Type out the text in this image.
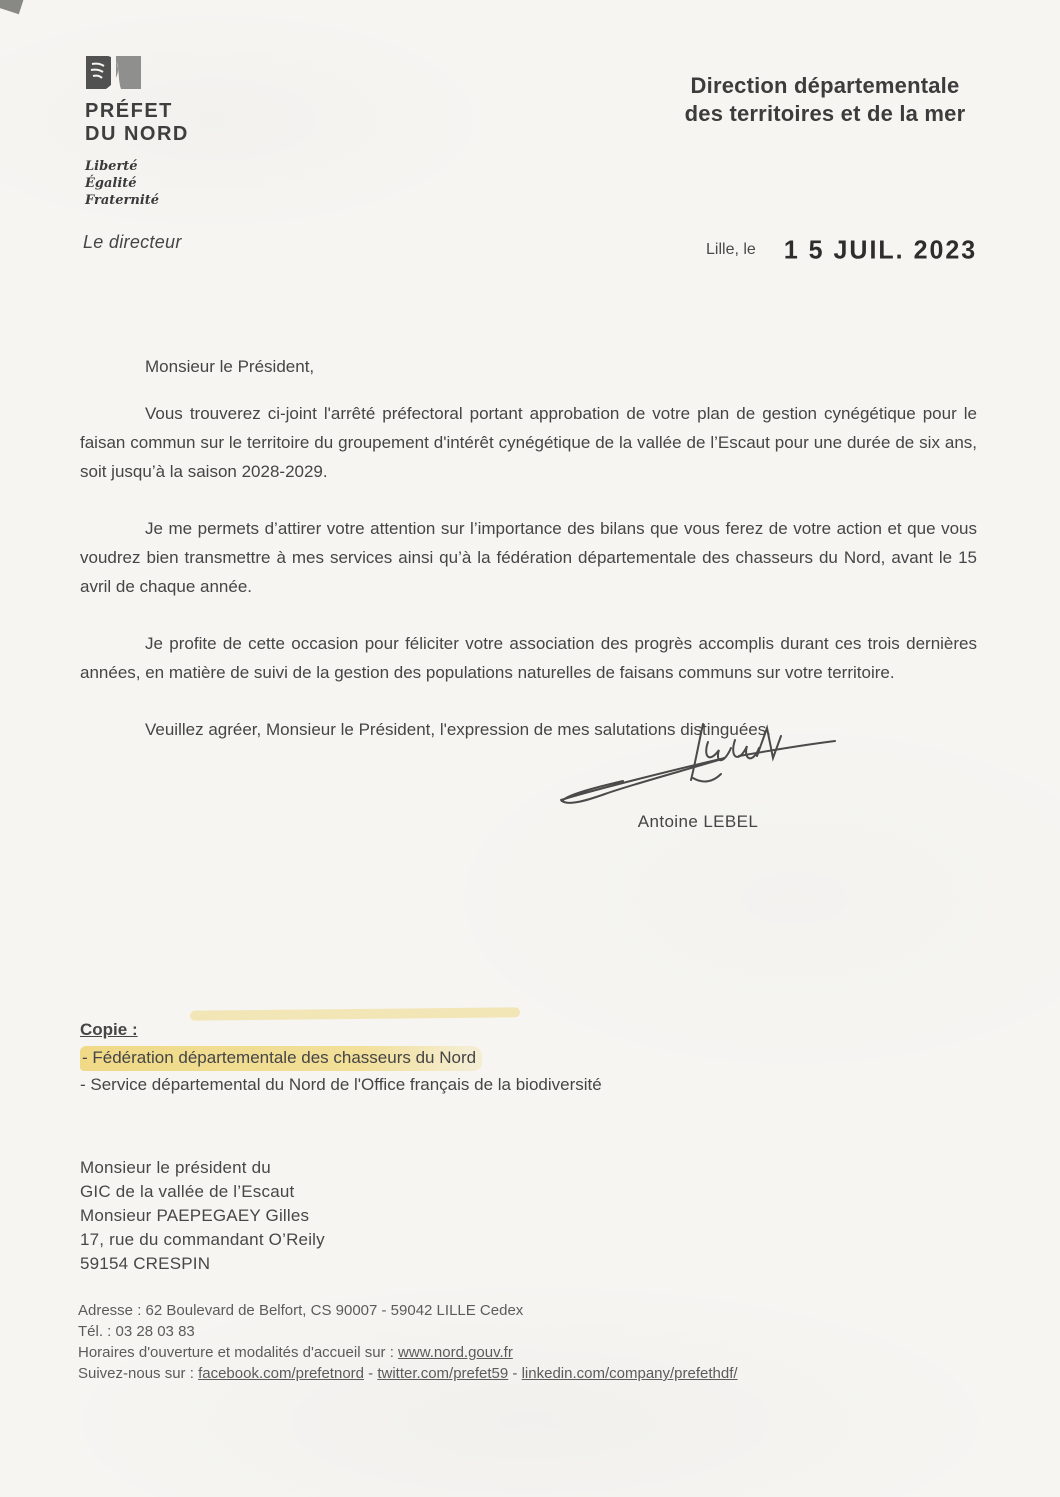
PRÉFET
DU NORD
Liberté
Égalité
Fraternité
Direction départementale
des territoires et de la mer
Le directeur	Lille, le 1 5 JUIL. 2023
Monsieur le Président,

Vous trouverez ci-joint l'arrêté préfectoral portant approbation de votre plan de gestion cynégétique pour le faisan commun sur le territoire du groupement d'intérêt cynégétique de la vallée de l’Escaut pour une durée de six ans, soit jusqu’à la saison 2028-2029.

Je me permets d’attirer votre attention sur l’importance des bilans que vous ferez de votre action et que vous voudrez bien transmettre à mes services ainsi qu’à la fédération départementale des chasseurs du Nord, avant le 15 avril de chaque année.

Je profite de cette occasion pour féliciter votre association des progrès accomplis durant ces trois dernières années, en matière de suivi de la gestion des populations naturelles de faisans communs sur votre territoire.

Veuillez agréer, Monsieur le Président, l'expression de mes salutations distinguées.

Antoine LEBEL
Copie :
- Fédération départementale des chasseurs du Nord
- Service départemental du Nord de l'Office français de la biodiversité
Monsieur le président du
GIC de la vallée de l’Escaut
Monsieur PAEPEGAEY Gilles
17, rue du commandant O’Reily
59154 CRESPIN
Adresse : 62 Boulevard de Belfort, CS 90007 - 59042 LILLE Cedex
Tél. : 03 28 03 83
Horaires d'ouverture et modalités d'accueil sur : www.nord.gouv.fr
Suivez-nous sur : facebook.com/prefetnord - twitter.com/prefet59 - linkedin.com/company/prefethdf/
